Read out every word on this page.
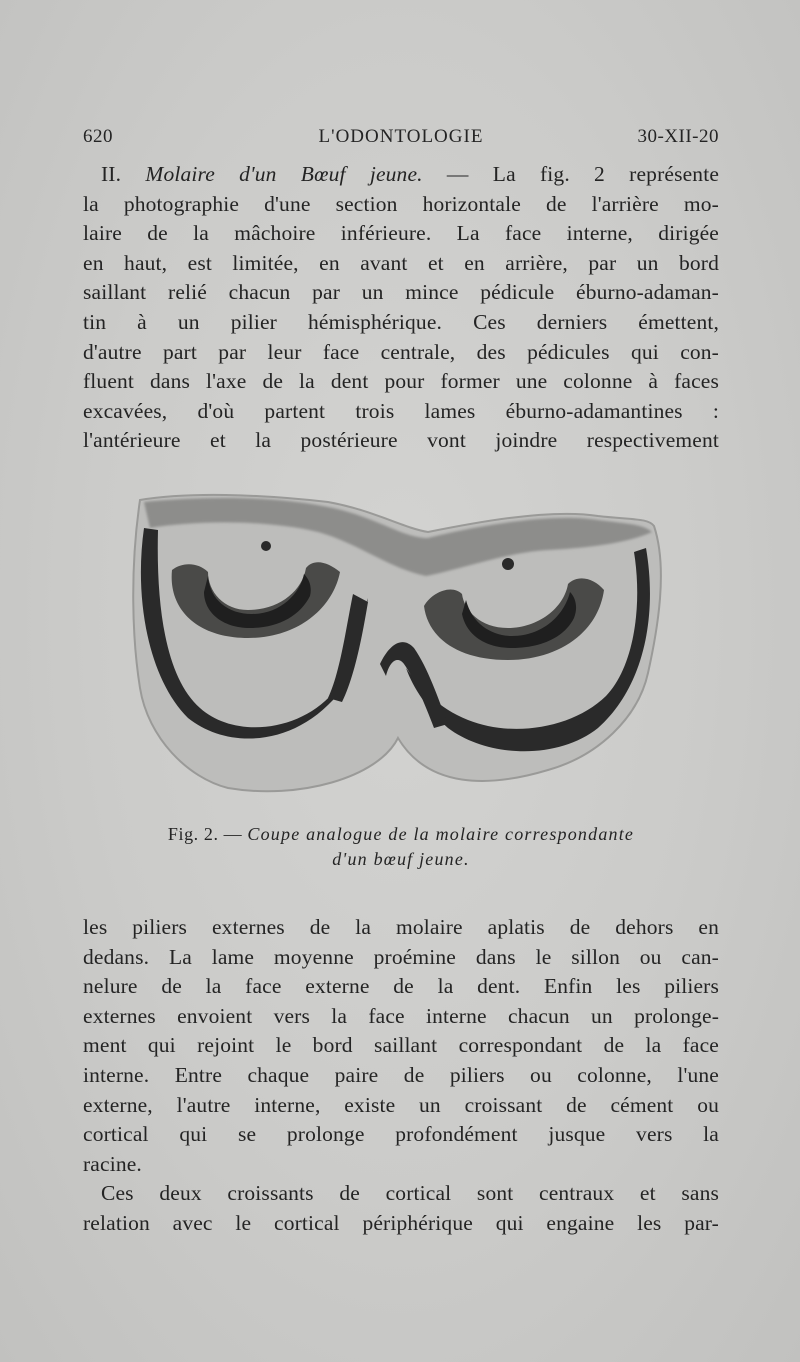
620	L'ODONTOLOGIE	30-XII-20
II. Molaire d'un Bœuf jeune. — La fig. 2 représente
la photographie d'une section horizontale de l'arrière mo-
laire de la mâchoire inférieure. La face interne, dirigée
en haut, est limitée, en avant et en arrière, par un bord
saillant relié chacun par un mince pédicule éburno-adaman-
tin à un pilier hémisphérique. Ces derniers émettent,
d'autre part par leur face centrale, des pédicules qui con-
fluent dans l'axe de la dent pour former une colonne à faces
excavées, d'où partent trois lames éburno-adamantines :
l'antérieure et la postérieure vont joindre respectivement
Fig. 2. — Coupe analogue de la molaire correspondante
d'un bœuf jeune.
les piliers externes de la molaire aplatis de dehors en
dedans. La lame moyenne proémine dans le sillon ou can-
nelure de la face externe de la dent. Enfin les piliers
externes envoient vers la face interne chacun un prolonge-
ment qui rejoint le bord saillant correspondant de la face
interne. Entre chaque paire de piliers ou colonne, l'une
externe, l'autre interne, existe un croissant de cément ou
cortical qui se prolonge profondément jusque vers la
racine.
Ces deux croissants de cortical sont centraux et sans
relation avec le cortical périphérique qui engaine les par-
